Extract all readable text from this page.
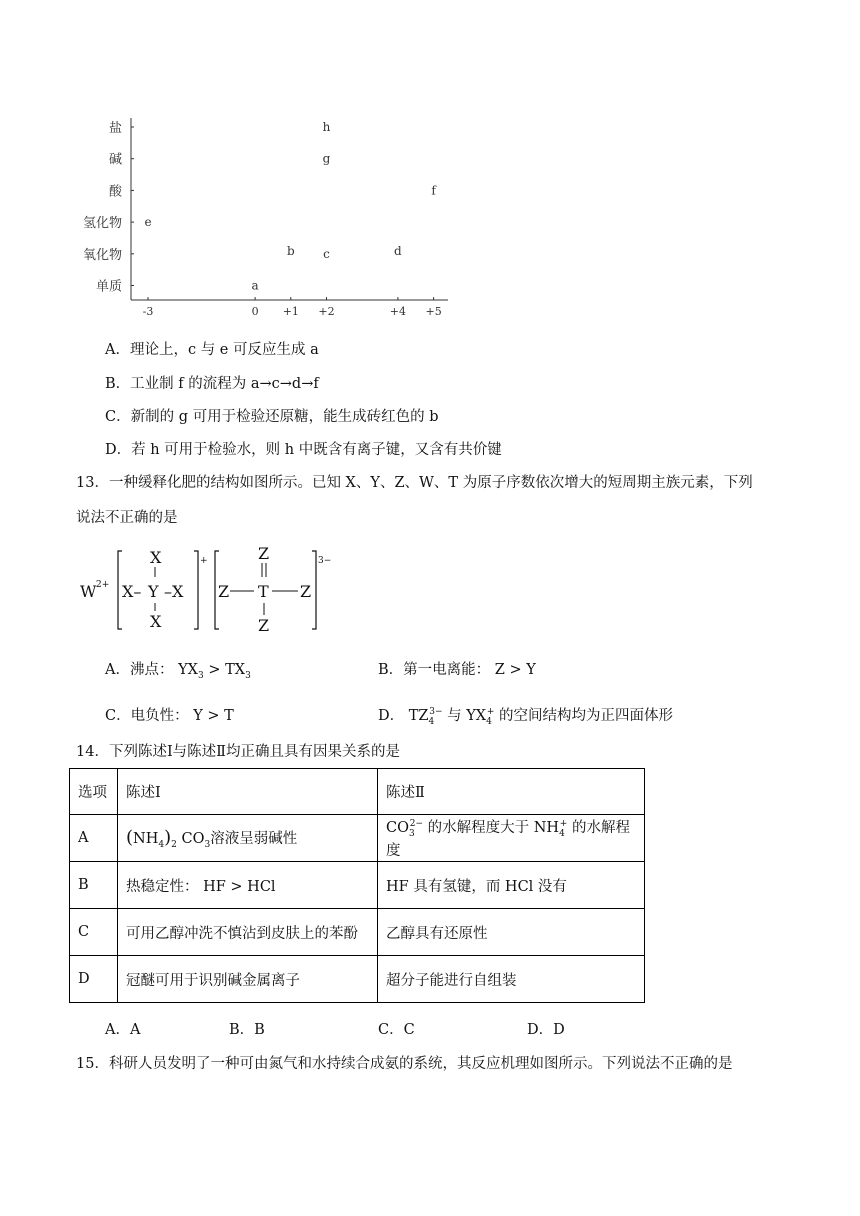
盐
碱
酸
氢化物
氧化物
单质
-3	0 +1 +2	+4 +5
h
g
f
e
b c	d
a
A．理论上，c 与 e 可反应生成 a
B．工业制 f 的流程为 a→c→d→f
C．新制的 g 可用于检验还原糖，能生成砖红色的 b
D．若 h 可用于检验水，则 h 中既含有离子键，又含有共价键
13．一种缓释化肥的结构如图所示。已知 X、Y、Z、W、T 为原子序数依次增大的短周期主族元素，下列
说法不正确的是
W 2+
X
X– Y –X
X
+	Z
Z T Z
Z
3−
A．沸点： $YX_3 > TX_3$	B．第一电离能： Z > Y
C．电负性： Y > T	D． $TZ_4^{3-}$ 与 $YX_4^+$ 的空间结构均为正四面体形
14．下列陈述Ⅰ与陈述Ⅱ均正确且具有因果关系的是
选项	陈述Ⅰ	陈述Ⅱ
A	$(NH_4)_2$ $CO_3$溶液呈弱碱性	$CO_3^{2-}$ 的水解程度大于 $NH_4^+$ 的水解程度
B	热稳定性： HF > HCl	HF 具有氢键，而 HCl 没有
C	可用乙醇冲洗不慎沾到皮肤上的苯酚	乙醇具有还原性
D	冠醚可用于识别碱金属离子	超分子能进行自组装
A．A	B．B	C．C	D．D
15．科研人员发明了一种可由氮气和水持续合成氨的系统，其反应机理如图所示。下列说法不正确的是
